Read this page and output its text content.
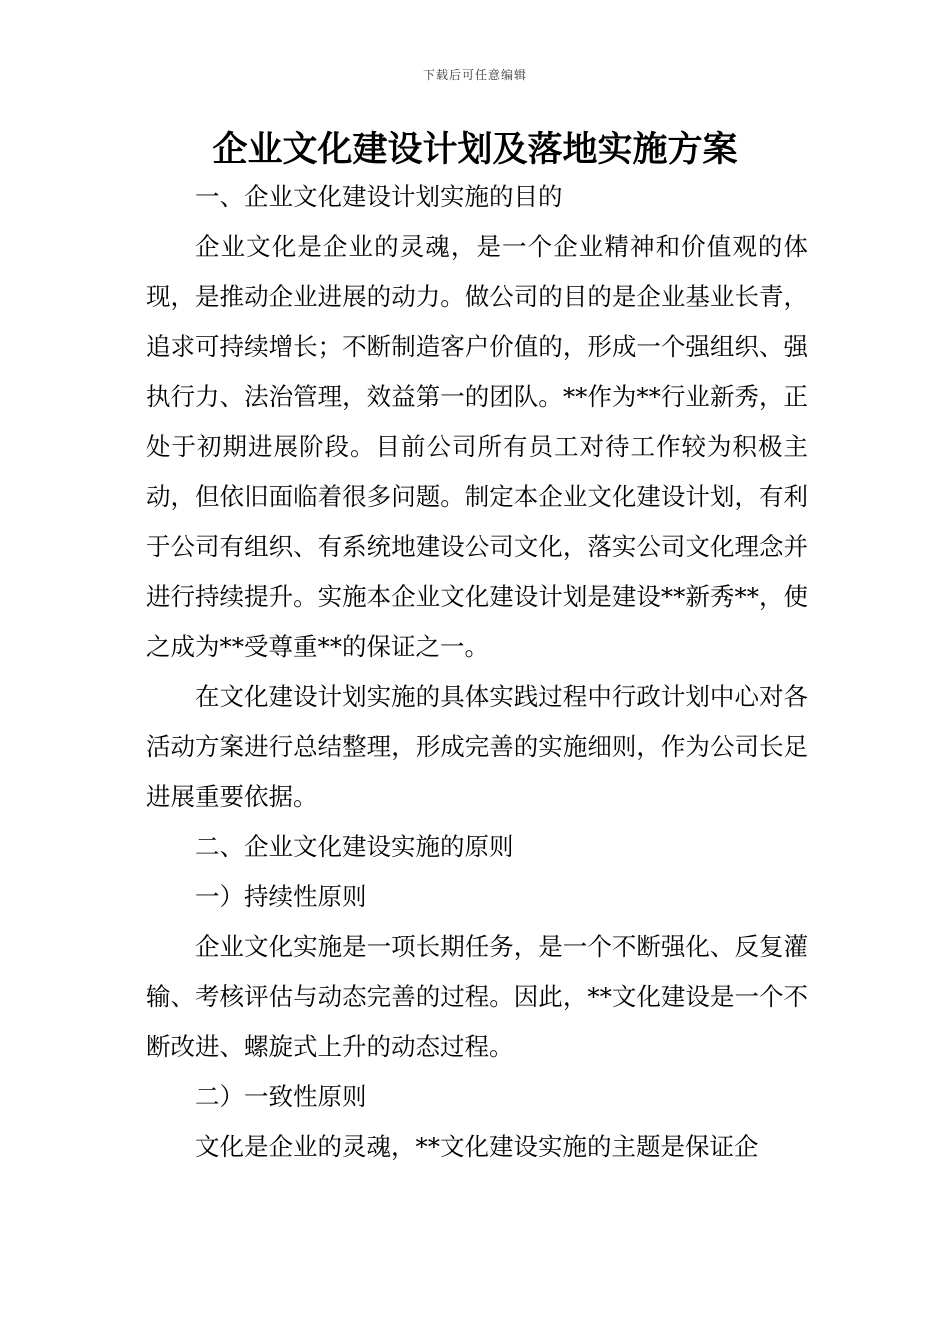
下载后可任意编辑
企业文化建设计划及落地实施方案

一、企业文化建设计划实施的目的

企业文化是企业的灵魂，是一个企业精神和价值观的体现，是推动企业进展的动力。做公司的目的是企业基业长青，追求可持续增长；不断制造客户价值的，形成一个强组织、强执行力、法治管理，效益第一的团队。**作为**行业新秀，正处于初期进展阶段。目前公司所有员工对待工作较为积极主动，但依旧面临着很多问题。制定本企业文化建设计划，有利于公司有组织、有系统地建设公司文化，落实公司文化理念并进行持续提升。实施本企业文化建设计划是建设**新秀**，使之成为**受尊重**的保证之一。

在文化建设计划实施的具体实践过程中行政计划中心对各活动方案进行总结整理，形成完善的实施细则，作为公司长足进展重要依据。

二、企业文化建设实施的原则

一）持续性原则

企业文化实施是一项长期任务，是一个不断强化、反复灌输、考核评估与动态完善的过程。因此，**文化建设是一个不断改进、螺旋式上升的动态过程。

二）一致性原则

文化是企业的灵魂，**文化建设实施的主题是保证企
